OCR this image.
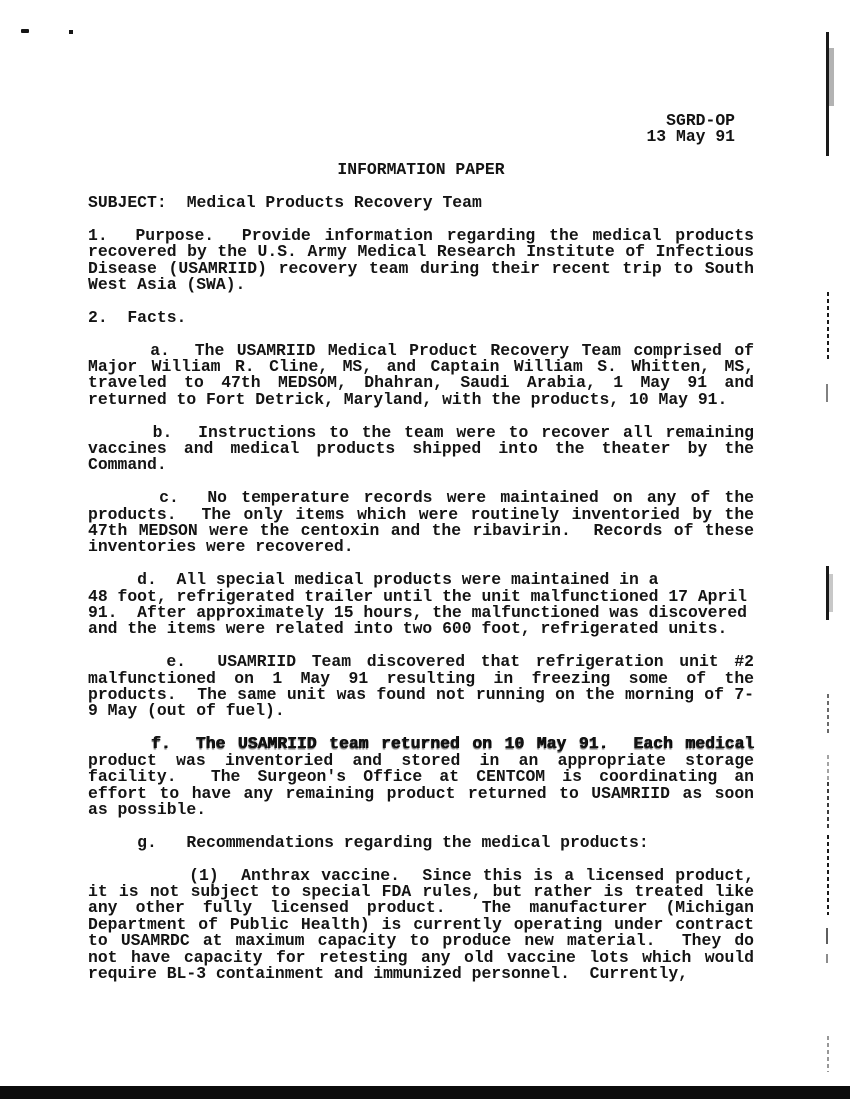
SGRD-OP
13 May 91
INFORMATION PAPER
SUBJECT: Medical Products Recovery Team
1.  Purpose.  Provide information regarding the medical products
recovered by the U.S. Army Medical Research Institute of Infectious
Disease (USAMRIID) recovery team during their recent trip to South
West Asia (SWA).
2.  Facts.
a.  The USAMRIID Medical Product Recovery Team comprised of
Major William R. Cline, MS, and Captain William S. Whitten, MS,
traveled to 47th MEDSOM, Dhahran, Saudi Arabia, 1 May 91 and
returned to Fort Detrick, Maryland, with the products, 10 May 91.
b.  Instructions to the team were to recover all remaining
vaccines and medical products shipped into the theater by the
Command.
c.  No temperature records were maintained on any of the
products.  The only items which were routinely inventoried by the
47th MEDSON were the centoxin and the ribavirin.  Records of these
inventories were recovered.
d.  All special medical products were maintained in a
48 foot, refrigerated trailer until the unit malfunctioned 17 April
91.  After approximately 15 hours, the malfunctioned was discovered
and the items were related into two 600 foot, refrigerated units.
e.  USAMRIID Team discovered that refrigeration unit #2
malfunctioned on 1 May 91 resulting in freezing some of the
products.  The same unit was found not running on the morning of 7-
9 May (out of fuel).
f.  The USAMRIID team returned on 10 May 91.  Each medical
product was inventoried and stored in an appropriate storage
facility.  The Surgeon's Office at CENTCOM is coordinating an
effort to have any remaining product returned to USAMRIID as soon
as possible.
g.   Recommendations regarding the medical products:
(1)  Anthrax vaccine.  Since this is a licensed product,
it is not subject to special FDA rules, but rather is treated like
any other fully licensed product.  The manufacturer (Michigan
Department of Public Health) is currently operating under contract
to USAMRDC at maximum capacity to produce new material.  They do
not have capacity for retesting any old vaccine lots which would
require BL-3 containment and immunized personnel.  Currently,
